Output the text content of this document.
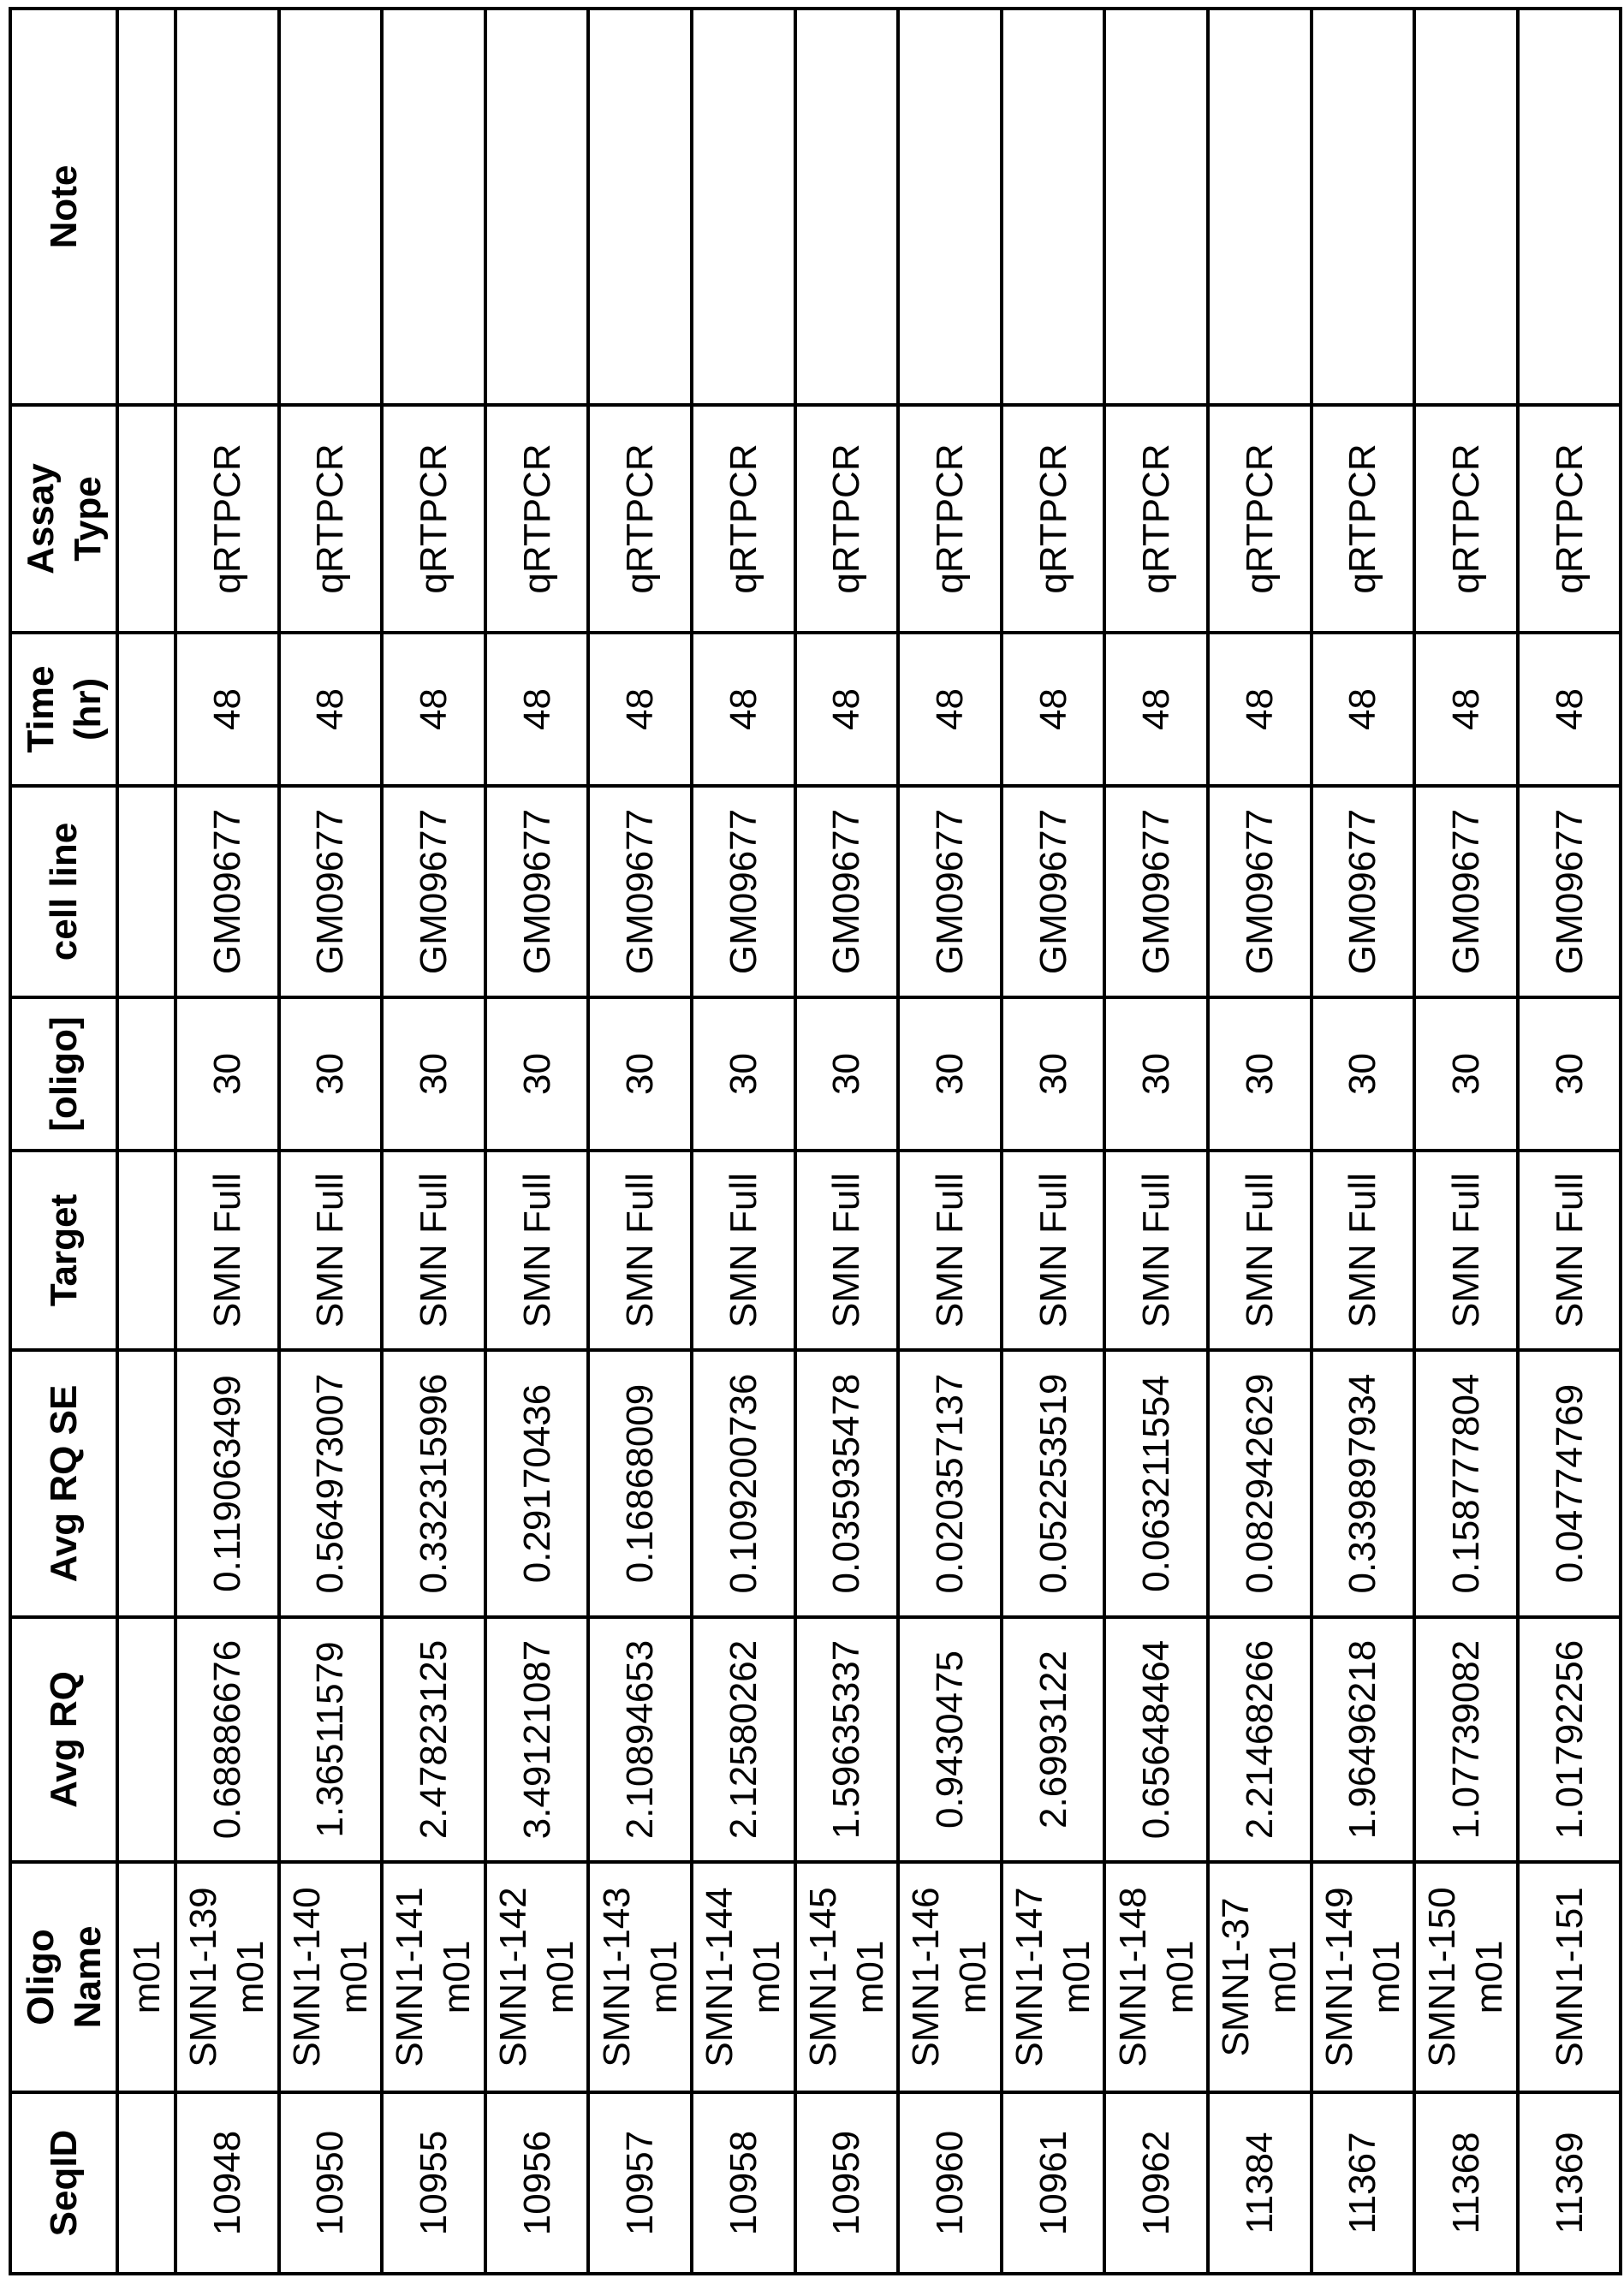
SeqID	Oligo Name	Avg RQ	Avg RQ SE	Target	[oligo]	cell line	Time (hr)	Assay Type	Note
	m01								
10948	
SMN1-139 m01
	0.68886676	0.119063499	SMN Full	30	GM09677	48	qRTPCR	
10950	
SMN1-140 m01
	1.36511579	0.564973007	SMN Full	30	GM09677	48	qRTPCR	
10955	
SMN1-141 m01
	2.47823125	0.332315996	SMN Full	30	GM09677	48	qRTPCR	
10956	
SMN1-142 m01
	3.49121087	0.29170436	SMN Full	30	GM09677	48	qRTPCR	
10957	
SMN1-143 m01
	2.10894653	0.16868009	SMN Full	30	GM09677	48	qRTPCR	
10958	
SMN1-144 m01
	2.12580262	0.109200736	SMN Full	30	GM09677	48	qRTPCR	
10959	
SMN1-145 m01
	1.59635337	0.035935478	SMN Full	30	GM09677	48	qRTPCR	
10960	
SMN1-146 m01
	0.9430475	0.020357137	SMN Full	30	GM09677	48	qRTPCR	
10961	
SMN1-147 m01
	2.6993122	0.052253519	SMN Full	30	GM09677	48	qRTPCR	
10962	
SMN1-148 m01
	0.65648464	0.063211554	SMN Full	30	GM09677	48	qRTPCR	
11384	
SMN1-37 m01
	2.21468266	0.082942629	SMN Full	30	GM09677	48	qRTPCR	
11367	
SMN1-149 m01
	1.96496218	0.339897934	SMN Full	30	GM09677	48	qRTPCR	
11368	
SMN1-150 m01
	1.07739082	0.158777804	SMN Full	30	GM09677	48	qRTPCR	
11369	
SMN1-151
	1.01792256	0.04774769	SMN Full	30	GM09677	48	qRTPCR	
